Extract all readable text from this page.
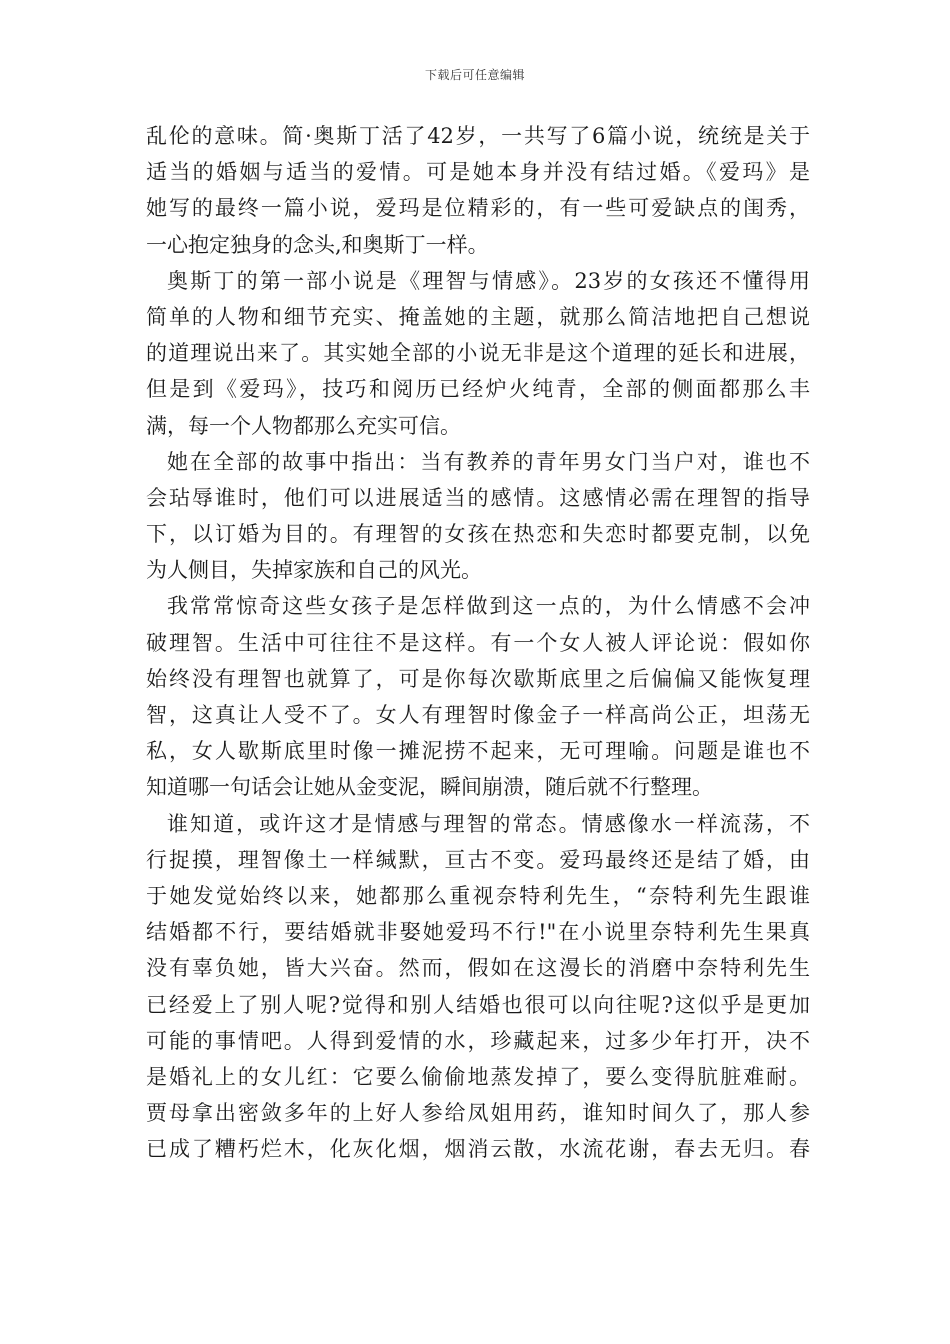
下载后可任意编辑
乱伦的意味。简·奥斯丁活了42岁，一共写了6篇小说，统统是关于
适当的婚姻与适当的爱情。可是她本身并没有结过婚。《爱玛》是
她写的最终一篇小说，爱玛是位精彩的，有一些可爱缺点的闺秀，
一心抱定独身的念头,和奥斯丁一样。
奥斯丁的第一部小说是《理智与情感》。23岁的女孩还不懂得用
简单的人物和细节充实、掩盖她的主题，就那么简洁地把自己想说
的道理说出来了。其实她全部的小说无非是这个道理的延长和进展，
但是到《爱玛》，技巧和阅历已经炉火纯青，全部的侧面都那么丰
满，每一个人物都那么充实可信。
她在全部的故事中指出：当有教养的青年男女门当户对，谁也不
会玷辱谁时，他们可以进展适当的感情。这感情必需在理智的指导
下，以订婚为目的。有理智的女孩在热恋和失恋时都要克制，以免
为人侧目，失掉家族和自己的风光。
我常常惊奇这些女孩子是怎样做到这一点的，为什么情感不会冲
破理智。生活中可往往不是这样。有一个女人被人评论说：假如你
始终没有理智也就算了，可是你每次歇斯底里之后偏偏又能恢复理
智，这真让人受不了。女人有理智时像金子一样高尚公正，坦荡无
私，女人歇斯底里时像一摊泥捞不起来，无可理喻。问题是谁也不
知道哪一句话会让她从金变泥，瞬间崩溃，随后就不行整理。
谁知道，或许这才是情感与理智的常态。情感像水一样流荡，不
行捉摸，理智像土一样缄默，亘古不变。爱玛最终还是结了婚，由
于她发觉始终以来，她都那么重视奈特利先生，“奈特利先生跟谁
结婚都不行，要结婚就非娶她爱玛不行!"在小说里奈特利先生果真
没有辜负她，皆大兴奋。然而，假如在这漫长的消磨中奈特利先生
已经爱上了别人呢?觉得和别人结婚也很可以向往呢?这似乎是更加
可能的事情吧。人得到爱情的水，珍藏起来，过多少年打开，决不
是婚礼上的女儿红：它要么偷偷地蒸发掉了，要么变得肮脏难耐。
贾母拿出密敛多年的上好人参给凤姐用药，谁知时间久了，那人参
已成了糟朽烂木，化灰化烟，烟消云散，水流花谢，春去无归。春
